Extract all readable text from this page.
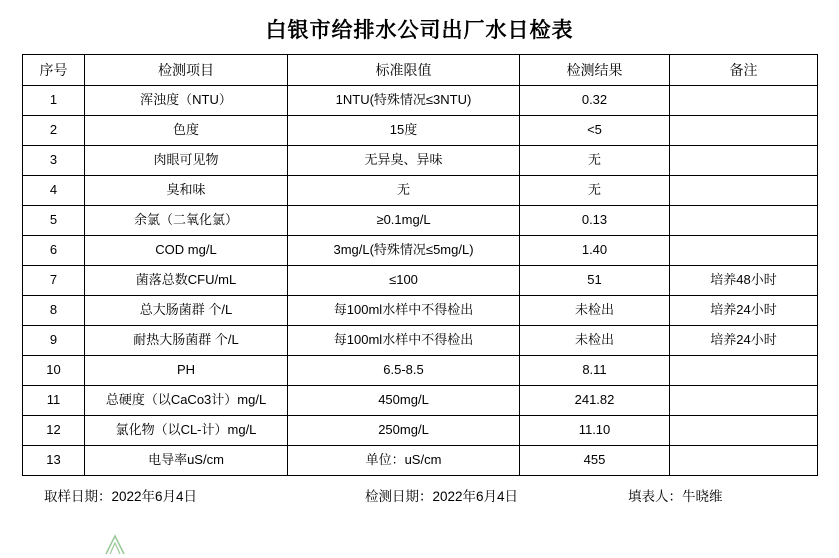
白银市给排水公司出厂水日检表
序号	检测项目	标准限值	检测结果	备注
1	浑浊度（NTU）	1NTU(特殊情况≤3NTU)	0.32	
2	色度	15度	<5	
3	肉眼可见物	无异臭、异味	无	
4	臭和味	无	无	
5	余氯（二氧化氯）	≥0.1mg/L	0.13	
6	COD mg/L	3mg/L(特殊情况≤5mg/L)	1.40	
7	菌落总数CFU/mL	≤100	51	培养48小时
8	总大肠菌群 个/L	每100ml水样中不得检出	未检出	培养24小时
9	耐热大肠菌群 个/L	每100ml水样中不得检出	未检出	培养24小时
10	PH	6.5-8.5	8.11	
11	总硬度（以CaCo3计）mg/L	450mg/L	241.82	
12	氯化物（以CL-计）mg/L	250mg/L	11.10	
13	电导率uS/cm	单位：uS/cm	455	
取样日期：2022年6月4日	检测日期：2022年6月4日	填表人：牛晓维
